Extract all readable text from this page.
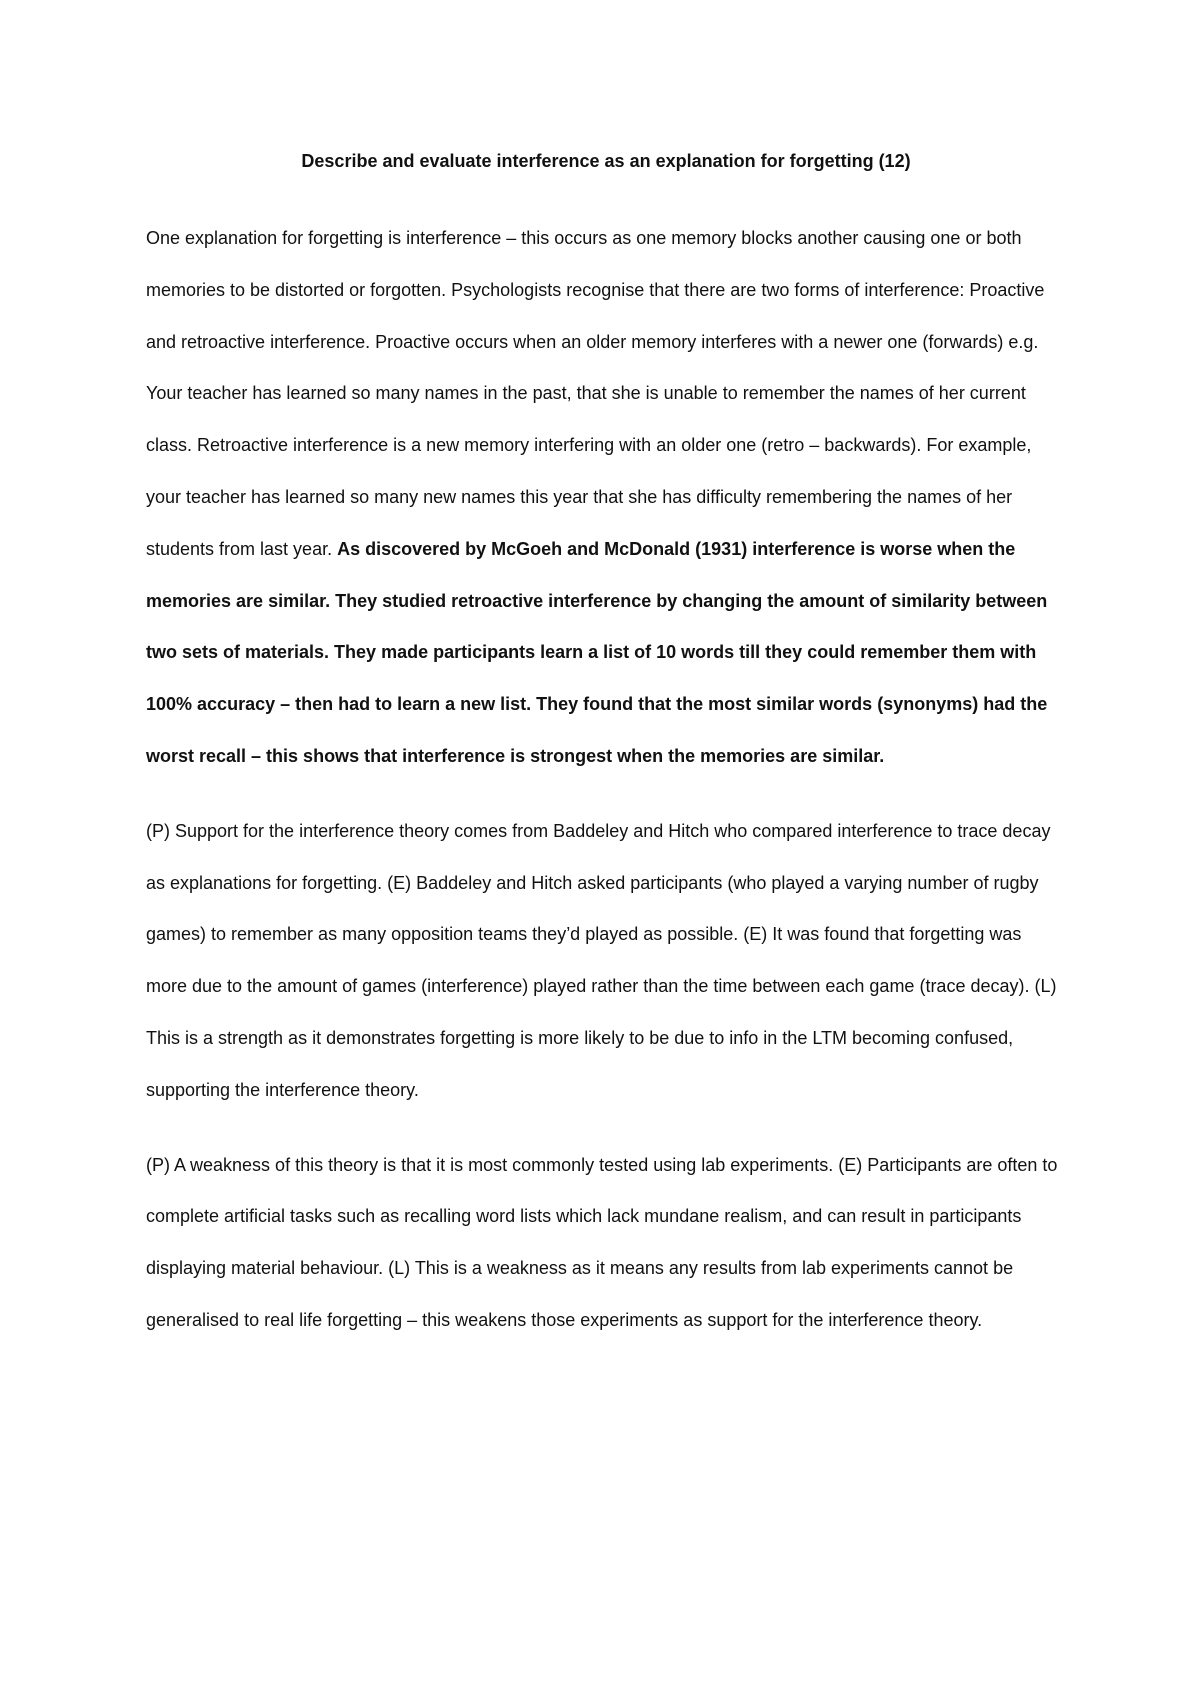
Describe and evaluate interference as an explanation for forgetting (12)

One explanation for forgetting is interference – this occurs as one memory blocks another causing one or both memories to be distorted or forgotten. Psychologists recognise that there are two forms of interference: Proactive and retroactive interference. Proactive occurs when an older memory interferes with a newer one (forwards) e.g. Your teacher has learned so many names in the past, that she is unable to remember the names of her current class. Retroactive interference is a new memory interfering with an older one (retro – backwards). For example, your teacher has learned so many new names this year that she has difficulty remembering the names of her students from last year. As discovered by McGoeh and McDonald (1931) interference is worse when the memories are similar. They studied retroactive interference by changing the amount of similarity between two sets of materials. They made participants learn a list of 10 words till they could remember them with 100% accuracy – then had to learn a new list. They found that the most similar words (synonyms) had the worst recall – this shows that interference is strongest when the memories are similar.

(P) Support for the interference theory comes from Baddeley and Hitch who compared interference to trace decay as explanations for forgetting. (E) Baddeley and Hitch asked participants (who played a varying number of rugby games) to remember as many opposition teams they’d played as possible. (E) It was found that forgetting was more due to the amount of games (interference) played rather than the time between each game (trace decay). (L) This is a strength as it demonstrates forgetting is more likely to be due to info in the LTM becoming confused, supporting the interference theory.

(P) A weakness of this theory is that it is most commonly tested using lab experiments. (E) Participants are often to complete artificial tasks such as recalling word lists which lack mundane realism, and can result in participants displaying material behaviour. (L) This is a weakness as it means any results from lab experiments cannot be generalised to real life forgetting – this weakens those experiments as support for the interference theory.
